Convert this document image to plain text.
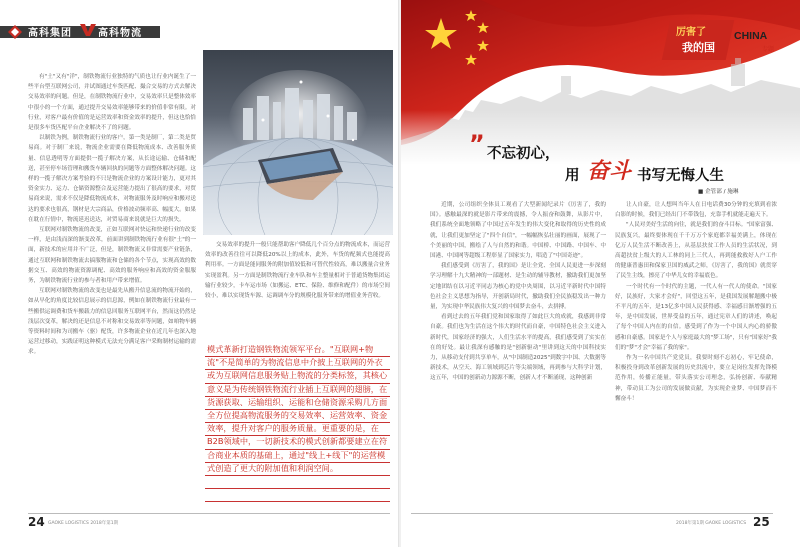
高科集团	高科物流

有"土"又有"洋"，制铁物流行业独特的气质也让行业内诞生了一些平台型互联网公司，并试图通过车货匹配、撮合交易的方式去解决交易效率的问题。但是，在制铁物流行业中，交易效率只是整体效率中很小的一个方面，通过提升交易效率能够带来的价值非常有限。对行业，对客户最有价值的是运营效率和资金效率的提升，但这也恰恰是很多车货匹配平台企业解决不了的问题。

以制铁为例，制铁物流行业的客户，第一类是制厂，第二类是贸易商。对于制厂来说，物流企业需要在降低物流成本、改善服务质量、信息透明等方面提供一揽子解决方案，从长途运输、仓储和配送，甚至停车场管理和搬货车辆回执的问题等方面整体解决问题。这样的一揽子解决方案考验的不只是物流企业的方案设计能力，更对其资金实力、运力、仓储资源整合及运营能力提出了很高的要求，对贸易商来说，需求不仅是降低物流成本，对物流服务及时响应和搬对送达的要求也很高，钢材是大宗商品，价格波动频率高、幅度大。如果在耽在行情中，物流延迟送达，对贸易商来说就是巨大的损失。

互联网对制铁物流的改变，正如互联网对快运和快递行业的改变一样，是由浅而深的渐变改革，前面讲到制铁物流行业有很"土"的一面，新技术的应用并不广泛，但是，制铁物流又非常需要产业链条，通过互联网和制铁物流去搞服物流和仓储的各个节点，实现高效的数据交互、高效的物流资源调配、高效的服务响应和高效的资金服服务，为制铁物流行业的参与者和用户带来增值。

互联网对制铁物流的改变也是最先从搬升信息流的物流开始的，如从早化的角度比较信息展示的信息源，例如在制铁物流行业最有一些搬供运调费和货车搬载力的信息回服务互联网平台，然而这仍然是浅层次变革，解决的还是信息不对称和交易效率等问题，如咱物车辆等资料时间和为司搬车（驱）配货，许多物流企业在近几年也深入地运营过移动，实践证明这种模式无法充分满足客户采购制材运输的需求。

交易效率的提升一般只能帮助客户降低几个百分点的物流成本，而运营效率的改善往往可以降低20%以上的成本，此外，车货的配频式也能提高利用率。一方面是能同服务的附加值较低和可替代性较高，难以搬量合业务实现盈利。另一方面是制铁物流行业车队和车主整量相对于普通货物集团运输行业较少，卡车运市场（如搬运、ETC、保险、维修和配件）的市场空间较小，难以实现货车源、运调调车分的规模化服务带来的增值业务营收。

模式革新打造钢铁物流领军平台。"互联网+物流"不是简单的为物流信息中介披上互联网的外衣或为互联网信息服务贴上物流的分类标签，其核心意义是为传统钢铁物流行业插上互联网的翅膀，在货源获取、运输组织、运能和仓储资源采购几方面全方位提高物流服务的交易效率、运营效率、资金效率，提升对客户的服务质量。更重要的是，在B2B领域中，一切新技术的模式创新都要建立在符合商业本质的基础上，通过"线上+线下"的运营模式创造了更大的附加值和利润空间。
24 GAOKE LOGISTICS 2018年第1期
厉害了
我的国
CHINA
专题
” 不忘初心，
用 奋斗 书写无悔人生
■ 企管部 / 施琳

近期，公司组织全体员工观看了大型新闻纪录片《厉害了，我的国》。感触最深的就是影片带来的震撼，令人振奋和鼓舞，从影片中，我们系统全面地领略了中国过五年发生的伟大变化和取得的历史性的成就，让我们更加坚定了"四个自信"，一幅幅恢弘壮丽的画面，展现了一个美丽的中国，搬绘了人与自然的和谐。中国桥、中国路、中国车、中国港、中国网等超级工程彰显了国家实力，唱造了"中国奇迹"。

我们感受到《厉害了，我的国》是让全党、全国人民更进一步深刻学习理解十九大精神的一部题材、是生动的辅导教材，撤助我们更加坚定地团结在以习近平同志为核心的党中央周围，以习近平新时代中国特色社会主义思想为指导，开创新局时代，撤助我们全民族稳发出一种力量，为实现中华民族伟大复兴的中国梦去奋斗，去拼搏。

看到过去的五年我们党和国家取得了如此巨大的成就，我感到非常自豪。我们也为生活在这个伟大的时代而自豪，中国特色社会主义进入新时代，国家经济的强大，人们生活水平的提高，我们感受到了实实在在的好处。最让我深有感触的是"创新驱动"里讲到这天的中国科技实力，从移动支付到共享单车，从"中国制造2025"到数字中国、大数据等新技术，从空天、海工领域到芯片等尖端领域，再到参与大科学计划，这五年，中国的创新动力源源不断，创新人才不断涌现，这种创新

让人自豪，让人想叫当年人在日电话费30分钟的充填到看浓白影的时候，我们已经出门不带钱包，充靠手机就能走遍天下。

"人民对美好生活的向往，就是我们的奋斗目标。"国家富强、民族复兴，最终要体现在千千万万个家庭都幸福美满上，体现在亿万人民生活不断改善上，从基层扶贫工作人员的生活状况，到高超扶贫上级大的人工林的同上三代人，再到能救救好人户工作的健康普惠田和保家卫国的威武之师，《厉害了，我的国》就贯穿了民生主线，擦亮了中华儿女的幸福底色。

一个时代有一个时代的主题，一代人有一代人的使命。"国家好，民族好，大家才会好"，回望这五年，是我国发展解题搬中极不平凡的五年，是13亿多中国人民获得感、幸福感日渐增强的五年，是中国发展，世界受益的五年，通过宪章人们的讲述，唤起了每个中国人内在的自信。感受到了作为一个中国人内心的骄傲感和自豪感。国家是个人与家庭最大的"梦工场"，只有"国家好"我们的"梦"才会"幸福了我的家"。

作为一名中国共产党党员，我要时刻不忘初心，牢记使命，积极投身到改革创新发展的历史洪流中，要立足岗位发挥先锋模范作用，传播正能量，带头落实公司理念，弘扬创新、奉献精神，带动员工为公司的发展做贡献，为实现企业梦、中国梦而不懈奋斗！

2018年第1期 GAOKE LOGISTICS 25
